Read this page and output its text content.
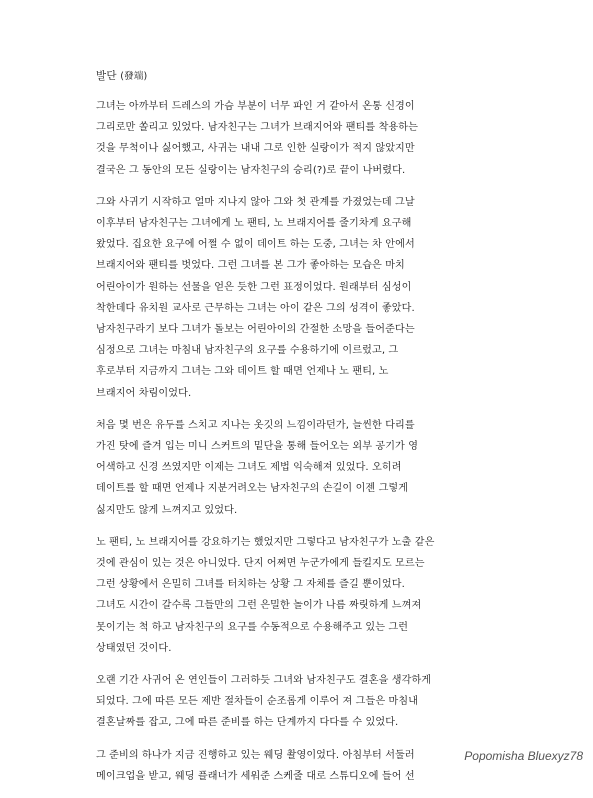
발단 (發端)
그녀는 아까부터 드레스의 가슴 부분이 너무 파인 거 같아서 온통 신경이
그리로만 쏠리고 있었다. 남자친구는 그녀가 브래지어와 팬티를 착용하는
것을 무척이나 싫어했고, 사귀는 내내 그로 인한 실랑이가 적지 않았지만
결국은 그 동안의 모든 실랑이는 남자친구의 승리(?)로 끝이 나버렸다.
그와 사귀기 시작하고 얼마 지나지 않아 그와 첫 관계를 가졌었는데 그날
이후부터 남자친구는 그녀에게 노 팬티, 노 브래지어를 줄기차게 요구해
왔었다. 집요한 요구에 어쩔 수 없이 데이트 하는 도중, 그녀는 차 안에서
브래지어와 팬티를 벗었다. 그런 그녀를 본 그가 좋아하는 모습은 마치
어린아이가 원하는 선물을 얻은 듯한 그런 표정이었다. 원래부터 심성이
착한데다 유치원 교사로 근무하는 그녀는 아이 같은 그의 성격이 좋았다.
남자친구라기 보다 그녀가 돌보는 어린아이의 간절한 소망을 들어준다는
심정으로 그녀는 마침내 남자친구의 요구를 수용하기에 이르렀고, 그
후로부터 지금까지 그녀는 그와 데이트 할 때면 언제나 노 팬티, 노
브래지어 차림이었다.
처음 몇 번은 유두를 스치고 지나는 옷깃의 느낌이라던가, 늘씬한 다리를
가진 탓에 즐겨 입는 미니 스커트의 밑단을 통해 들어오는 외부 공기가 영
어색하고 신경 쓰였지만 이제는 그녀도 제법 익숙해져 있었다. 오히려
데이트를 할 때면 언제나 지분거려오는 남자친구의 손길이 이젠 그렇게
싫지만도 않게 느껴지고 있었다.
노 팬티, 노 브래지어를 강요하기는 했었지만 그렇다고 남자친구가 노출 같은
것에 관심이 있는 것은 아니었다. 단지 어쩌면 누군가에게 들킬지도 모르는
그런 상황에서 은밀히 그녀를 터치하는 상황 그 자체를 즐길 뿐이었다.
그녀도 시간이 갈수록 그들만의 그런 은밀한 놀이가 나름 짜릿하게 느껴져
못이기는 척 하고 남자친구의 요구를 수동적으로 수용해주고 있는 그런
상태였던 것이다.
오랜 기간 사귀어 온 연인들이 그러하듯 그녀와 남자친구도 결혼을 생각하게
되었다. 그에 따른 모든 제반 절차들이 순조롭게 이루어 져 그들은 마침내
결혼날짜를 잡고, 그에 따른 준비를 하는 단계까지 다다를 수 있었다.
그 준비의 하나가 지금 진행하고 있는 웨딩 촬영이었다. 아침부터 서둘러
메이크업을 받고, 웨딩 플래너가 세워준 스케줄 대로 스튜디오에 들어 선
Popomisha Bluexyz78
